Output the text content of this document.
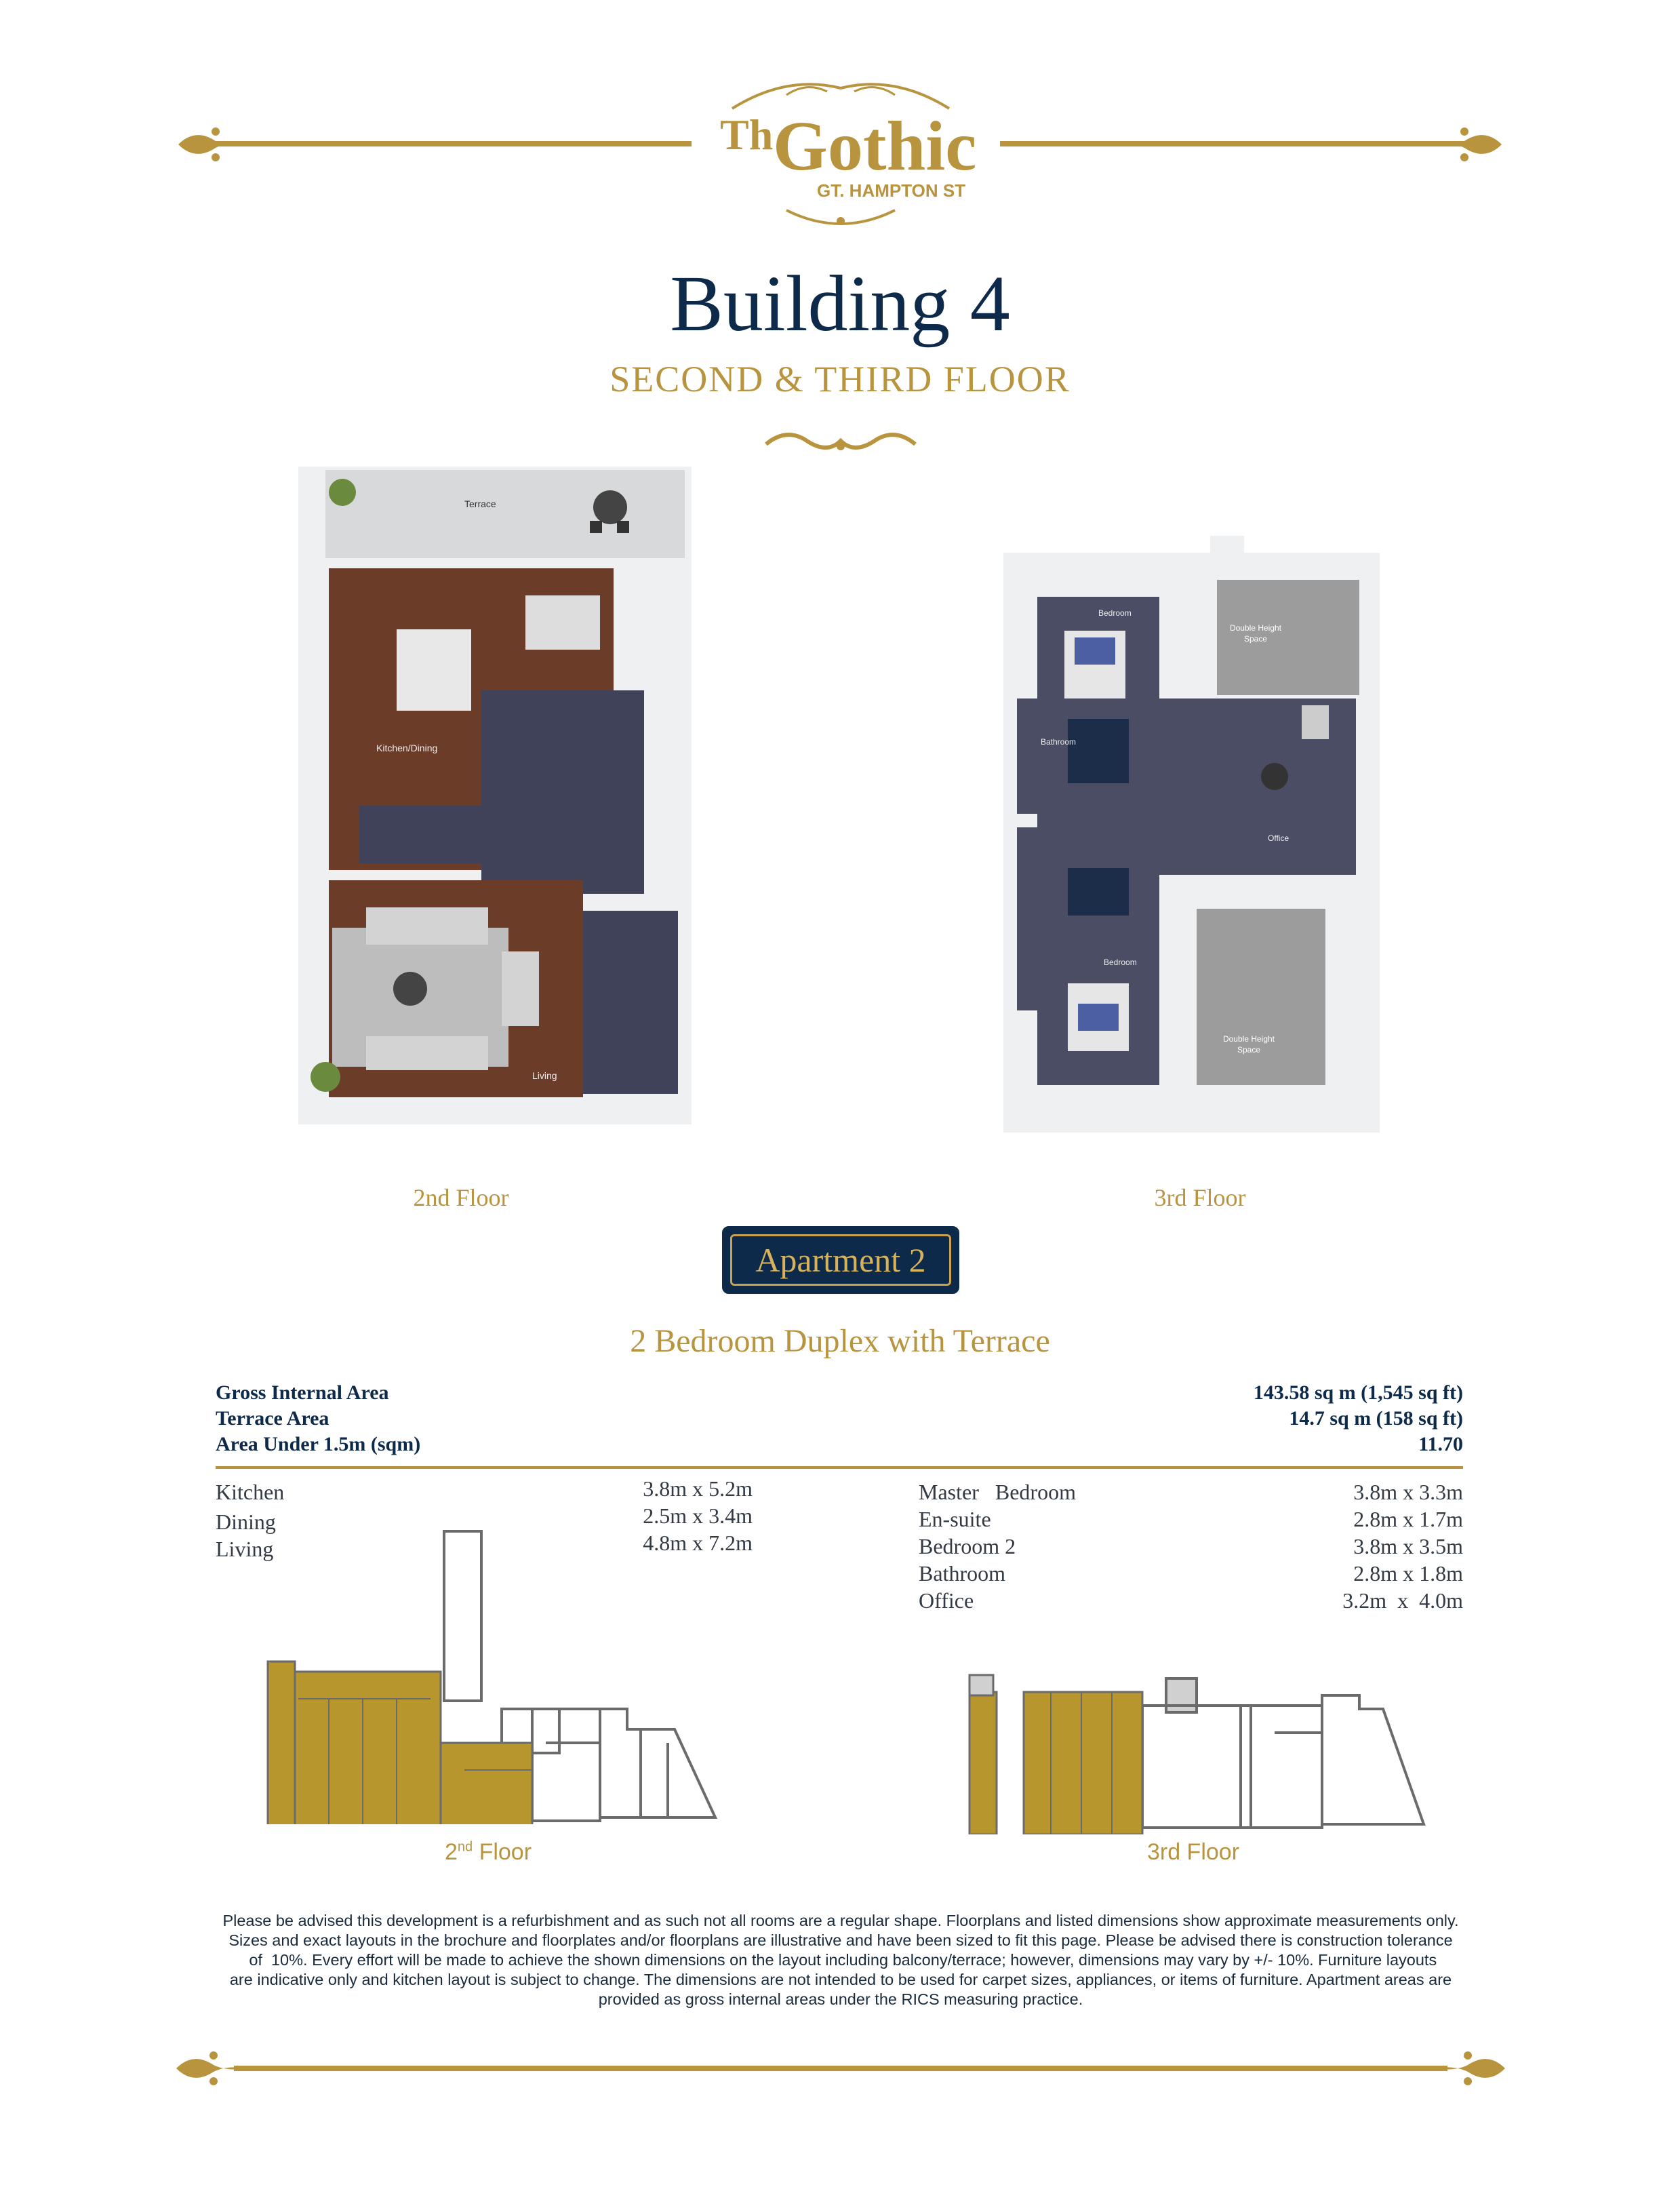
Th Gothic
GT. HAMPTON ST
Building 4
SECOND & THIRD FLOOR
Terrace
Kitchen/Dining
Living
2nd Floor
Bedroom
Bathroom
Double Height
Space
Office
Bedroom
Double Height
Space
3rd Floor
Apartment 2
2 Bedroom Duplex with Terrace
Gross Internal Area
Terrace Area
Area Under 1.5m (sqm)
143.58 sq m (1,545 sq ft)
14.7 sq m (158 sq ft)
11.70
Kitchen
Dining
Living
3.8m x 5.2m
2.5m x 3.4m
4.8m x 7.2m
Master   Bedroom
En-suite
Bedroom 2
Bathroom
Office
3.8m x 3.3m
2.8m x 1.7m
3.8m x 3.5m
2.8m x 1.8m
3.2m  x  4.0m
2nd Floor	3rd Floor
Please be advised this development is a refurbishment and as such not all rooms are a regular shape. Floorplans and listed dimensions show approximate measurements only.
Sizes and exact layouts in the brochure and floorplates and/or floorplans are illustrative and have been sized to fit this page. Please be advised there is construction tolerance
of  10%. Every effort will be made to achieve the shown dimensions on the layout including balcony/terrace; however, dimensions may vary by +/- 10%. Furniture layouts
are indicative only and kitchen layout is subject to change. The dimensions are not intended to be used for carpet sizes, appliances, or items of furniture. Apartment areas are
provided as gross internal areas under the RICS measuring practice.
